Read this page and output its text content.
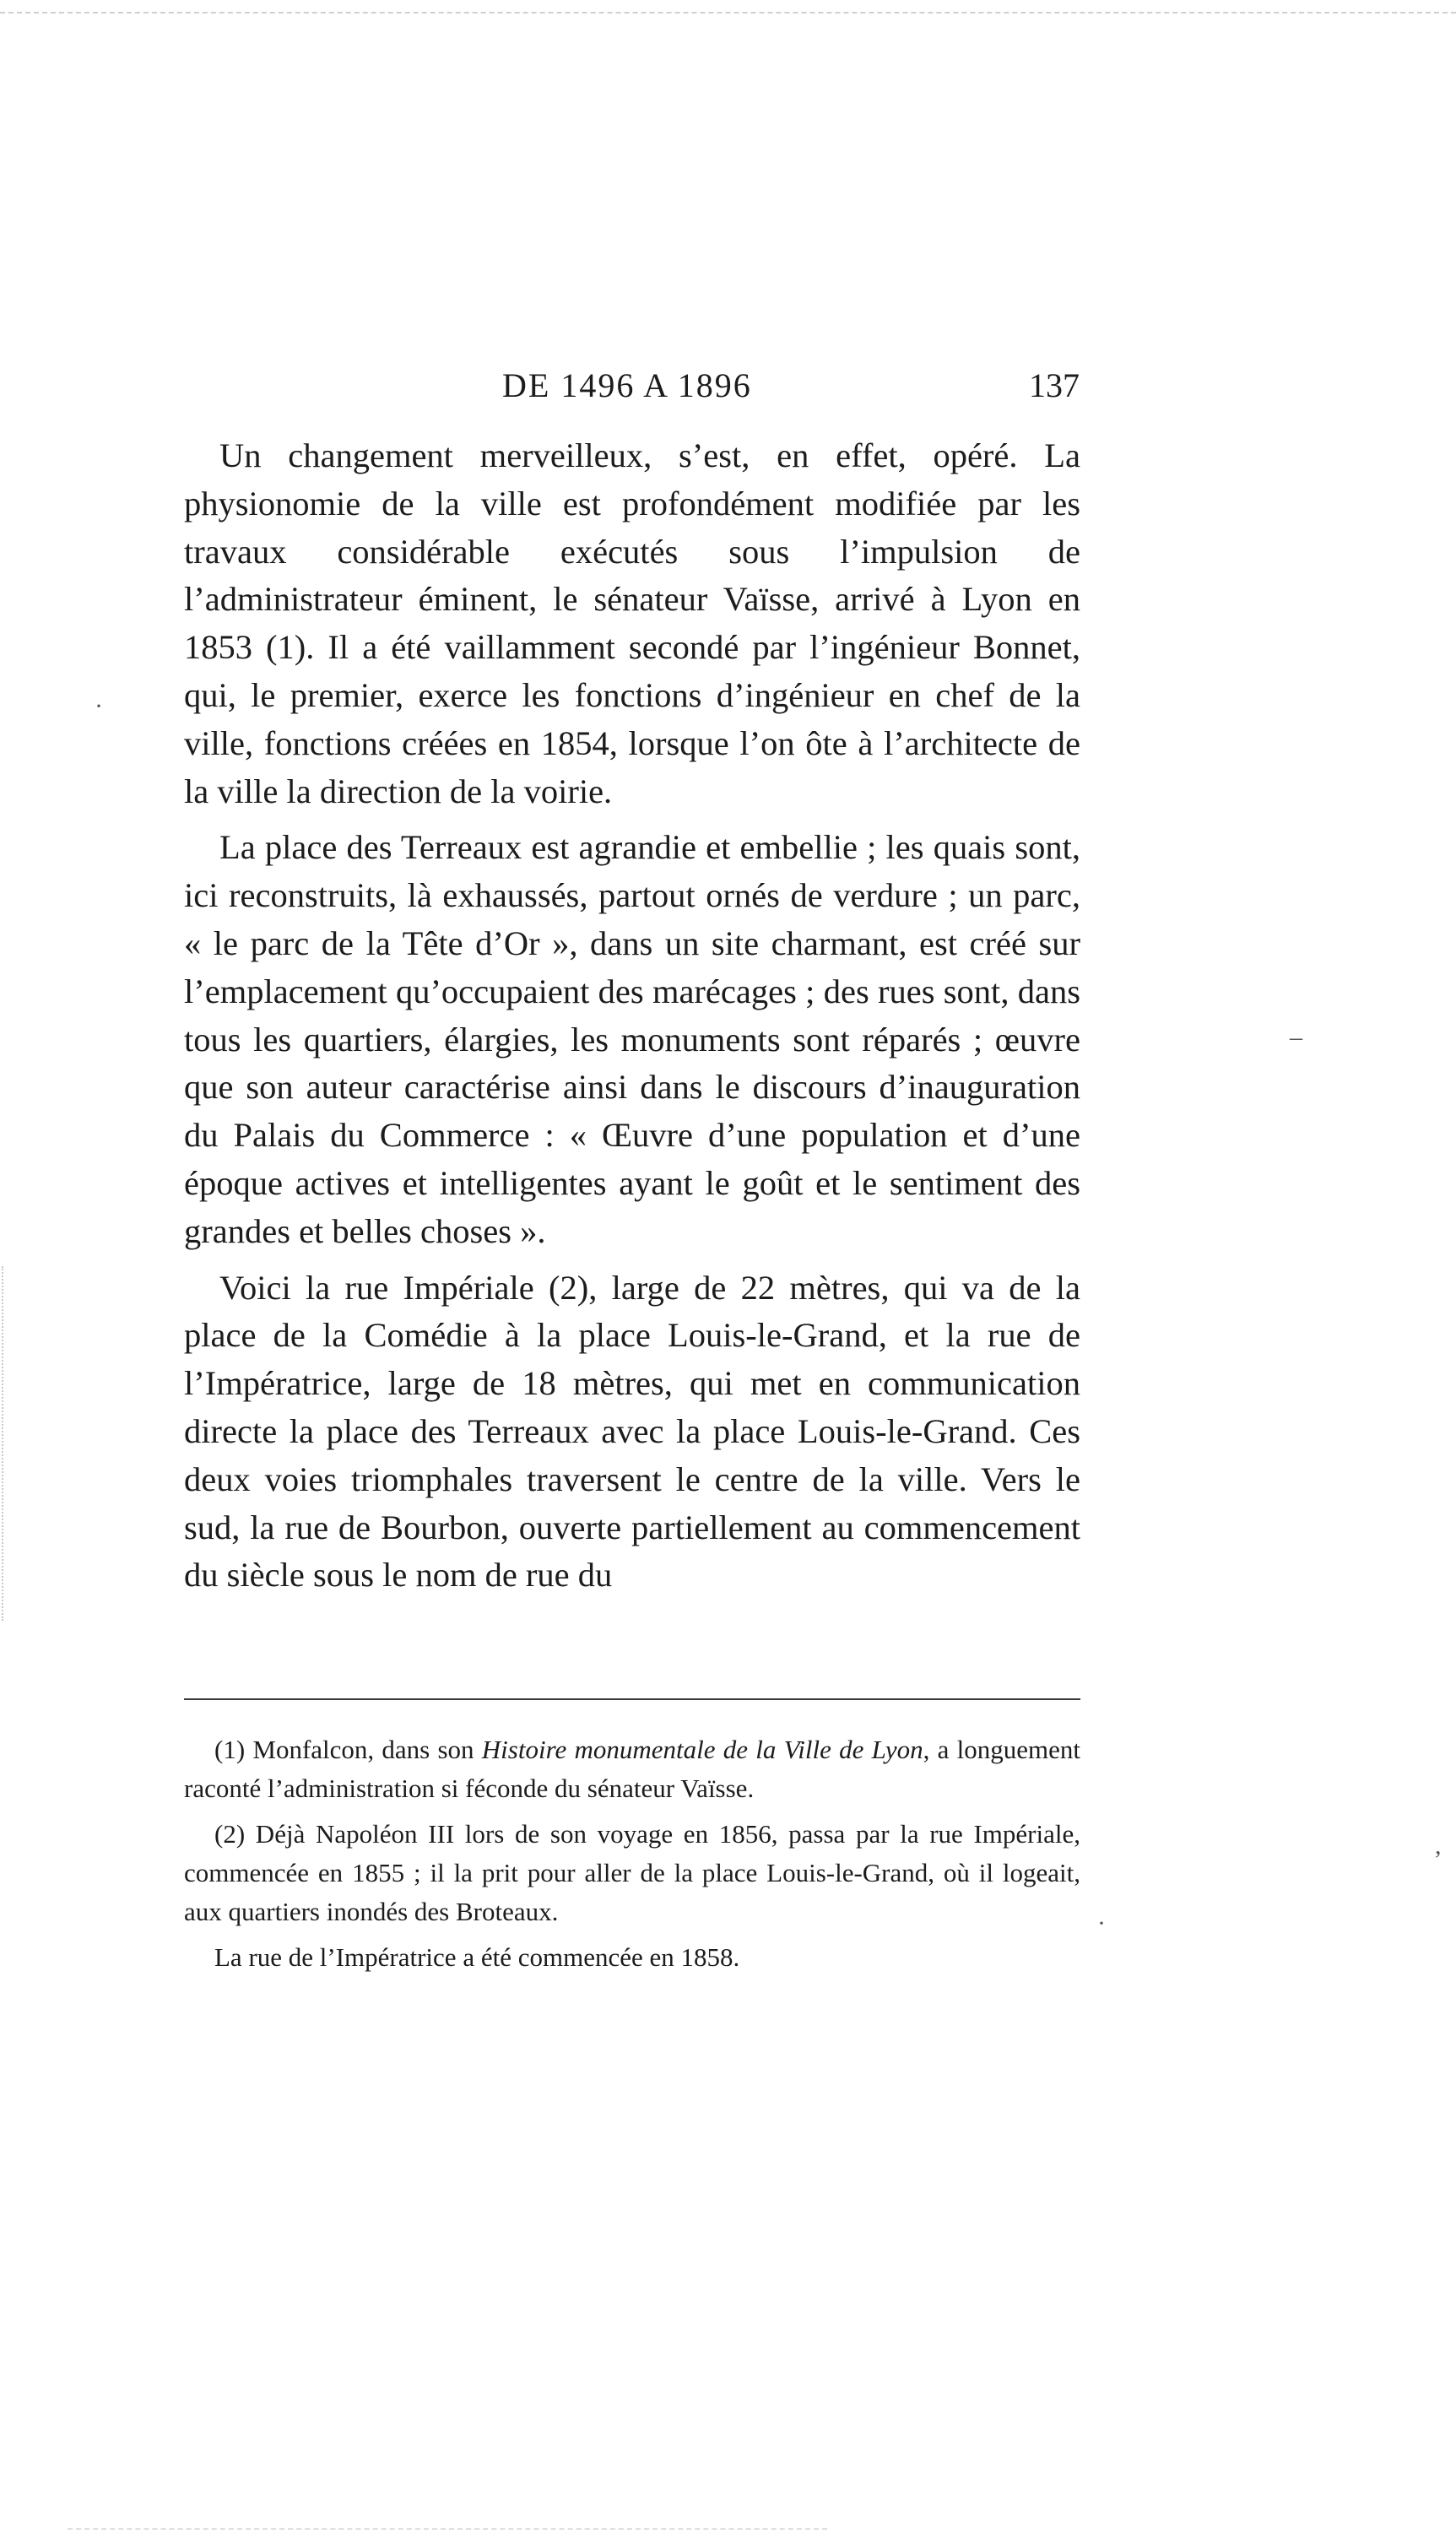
DE 1496 A 1896	137

Un changement merveilleux, s’est, en effet, opéré. La physionomie de la ville est profondément modifiée par les travaux considérable exécutés sous l’impulsion de l’administrateur éminent, le sénateur Vaïsse, arrivé à Lyon en 1853 (1). Il a été vaillamment secondé par l’ingénieur Bonnet, qui, le premier, exerce les fonctions d’ingénieur en chef de la ville, fonctions créées en 1854, lorsque l’on ôte à l’architecte de la ville la direction de la voirie.

La place des Terreaux est agrandie et embellie ; les quais sont, ici reconstruits, là exhaussés, partout ornés de verdure ; un parc, « le parc de la Tête d’Or », dans un site charmant, est créé sur l’emplacement qu’occupaient des marécages ; des rues sont, dans tous les quartiers, élargies, les monuments sont réparés ; œuvre que son auteur caractérise ainsi dans le discours d’inauguration du Palais du Commerce : « Œuvre d’une population et d’une époque actives et intelligentes ayant le goût et le sentiment des grandes et belles choses ».

Voici la rue Impériale (2), large de 22 mètres, qui va de la place de la Comédie à la place Louis-le-Grand, et la rue de l’Impératrice, large de 18 mètres, qui met en communication directe la place des Terreaux avec la place Louis-le-Grand. Ces deux voies triomphales traversent le centre de la ville. Vers le sud, la rue de Bourbon, ouverte partiellement au commencement du siècle sous le nom de rue du

(1) Monfalcon, dans son Histoire monumentale de la Ville de Lyon, a longuement raconté l’administration si féconde du sénateur Vaïsse.

(2) Déjà Napoléon III lors de son voyage en 1856, passa par la rue Impériale, commencée en 1855 ; il la prit pour aller de la place Louis-le-Grand, où il logeait, aux quartiers inondés des Broteaux.

La rue de l’Impératrice a été commencée en 1858.

·
–
,
·
